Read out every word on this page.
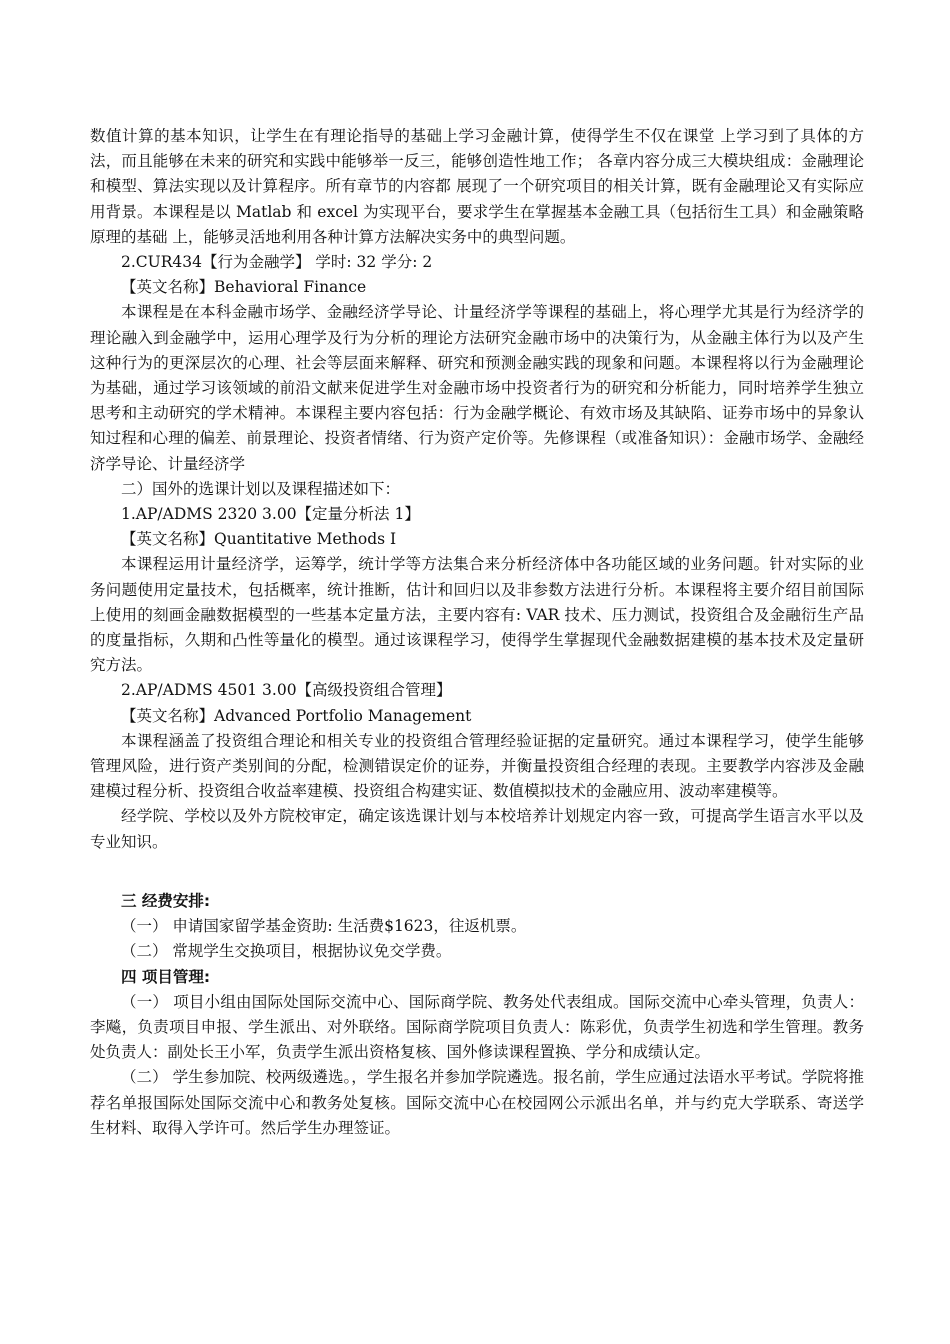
数值计算的基本知识，让学生在有理论指导的基础上学习金融计算，使得学生不仅在课堂 上学习到了具体的方法，而且能够在未来的研究和实践中能够举一反三，能够创造性地工作； 各章内容分成三大模块组成：金融理论和模型、算法实现以及计算程序。所有章节的内容都 展现了一个研究项目的相关计算，既有金融理论又有实际应用背景。本课程是以 Matlab 和 excel 为实现平台，要求学生在掌握基本金融工具（包括衍生工具）和金融策略原理的基础 上，能够灵活地利用各种计算方法解决实务中的典型问题。

2.CUR434【行为金融学】 学时: 32 学分: 2

【英文名称】Behavioral Finance

本课程是在本科金融市场学、金融经济学导论、计量经济学等课程的基础上，将心理学尤其是行为经济学的理论融入到金融学中，运用心理学及行为分析的理论方法研究金融市场中的决策行为，从金融主体行为以及产生这种行为的更深层次的心理、社会等层面来解释、研究和预测金融实践的现象和问题。本课程将以行为金融理论为基础，通过学习该领域的前沿文献来促进学生对金融市场中投资者行为的研究和分析能力，同时培养学生独立思考和主动研究的学术精神。本课程主要内容包括：行为金融学概论、有效市场及其缺陷、证券市场中的异象认知过程和心理的偏差、前景理论、投资者情绪、行为资产定价等。先修课程（或准备知识）：金融市场学、金融经济学导论、计量经济学

二）国外的选课计划以及课程描述如下：

1.AP/ADMS 2320 3.00【定量分析法 1】

【英文名称】Quantitative Methods I

本课程运用计量经济学，运筹学，统计学等方法集合来分析经济体中各功能区域的业务问题。针对实际的业务问题使用定量技术，包括概率，统计推断，估计和回归以及非参数方法进行分析。本课程将主要介绍目前国际上使用的刻画金融数据模型的一些基本定量方法，主要内容有: VAR 技术、压力测试，投资组合及金融衍生产品的度量指标，久期和凸性等量化的模型。通过该课程学习，使得学生掌握现代金融数据建模的基本技术及定量研究方法。

2.AP/ADMS 4501 3.00【高级投资组合管理】

【英文名称】Advanced Portfolio Management

本课程涵盖了投资组合理论和相关专业的投资组合管理经验证据的定量研究。通过本课程学习，使学生能够管理风险，进行资产类别间的分配，检测错误定价的证券，并衡量投资组合经理的表现。主要教学内容涉及金融建模过程分析、投资组合收益率建模、投资组合构建实证、数值模拟技术的金融应用、波动率建模等。

经学院、学校以及外方院校审定，确定该选课计划与本校培养计划规定内容一致，可提高学生语言水平以及专业知识。

三 经费安排:

（一） 申请国家留学基金资助: 生活费$1623，往返机票。

（二） 常规学生交换项目，根据协议免交学费。

四 项目管理:

（一） 项目小组由国际处国际交流中心、国际商学院、教务处代表组成。国际交流中心牵头管理，负责人：李飚，负责项目申报、学生派出、对外联络。国际商学院项目负责人：陈彩优，负责学生初选和学生管理。教务处负责人：副处长王小军，负责学生派出资格复核、国外修读课程置换、学分和成绩认定。

（二） 学生参加院、校两级遴选。，学生报名并参加学院遴选。报名前，学生应通过法语水平考试。学院将推荐名单报国际处国际交流中心和教务处复核。国际交流中心在校园网公示派出名单，并与约克大学联系、寄送学生材料、取得入学许可。然后学生办理签证。
